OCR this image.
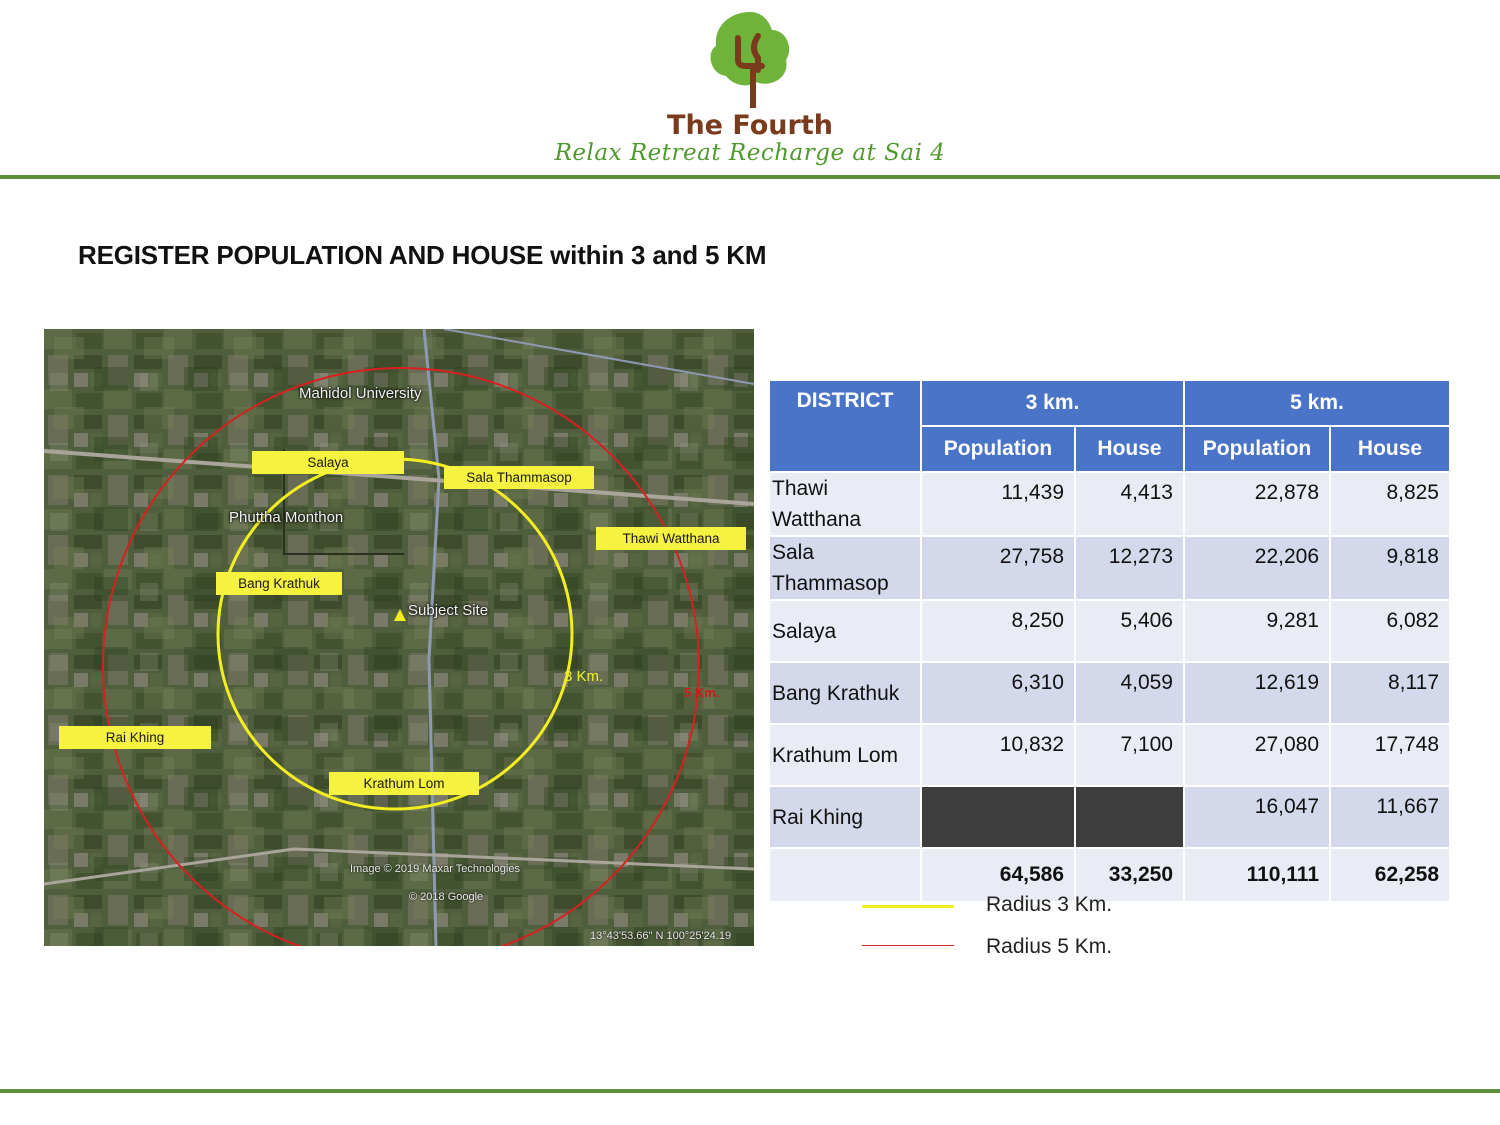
The Fourth
Relax Retreat Recharge at Sai 4
REGISTER POPULATION AND HOUSE within 3 and 5 KM
Mahidol University
Salaya
Sala Thammasop
Phuttha Monthon
Thawi Watthana
Bang Krathuk
Subject Site
3 Km.
5 Km.
Rai Khing
Krathum Lom
Image © 2019 Maxar Technologies
© 2018 Google
13°43'53.66" N 100°25'24.19
DISTRICT	3 km.		5 km.	
	Population	House	Population	House
Thawi Watthana	11,439	4,413	22,878	8,825
Sala Thammasop	27,758	12,273	22,206	9,818
Salaya	8,250	5,406	9,281	6,082
Bang Krathuk	6,310	4,059	12,619	8,117
Krathum Lom	10,832	7,100	27,080	17,748
Rai Khing			16,047	11,667
	64,586	33,250	110,111	62,258
Radius 3 Km.
Radius 5 Km.
